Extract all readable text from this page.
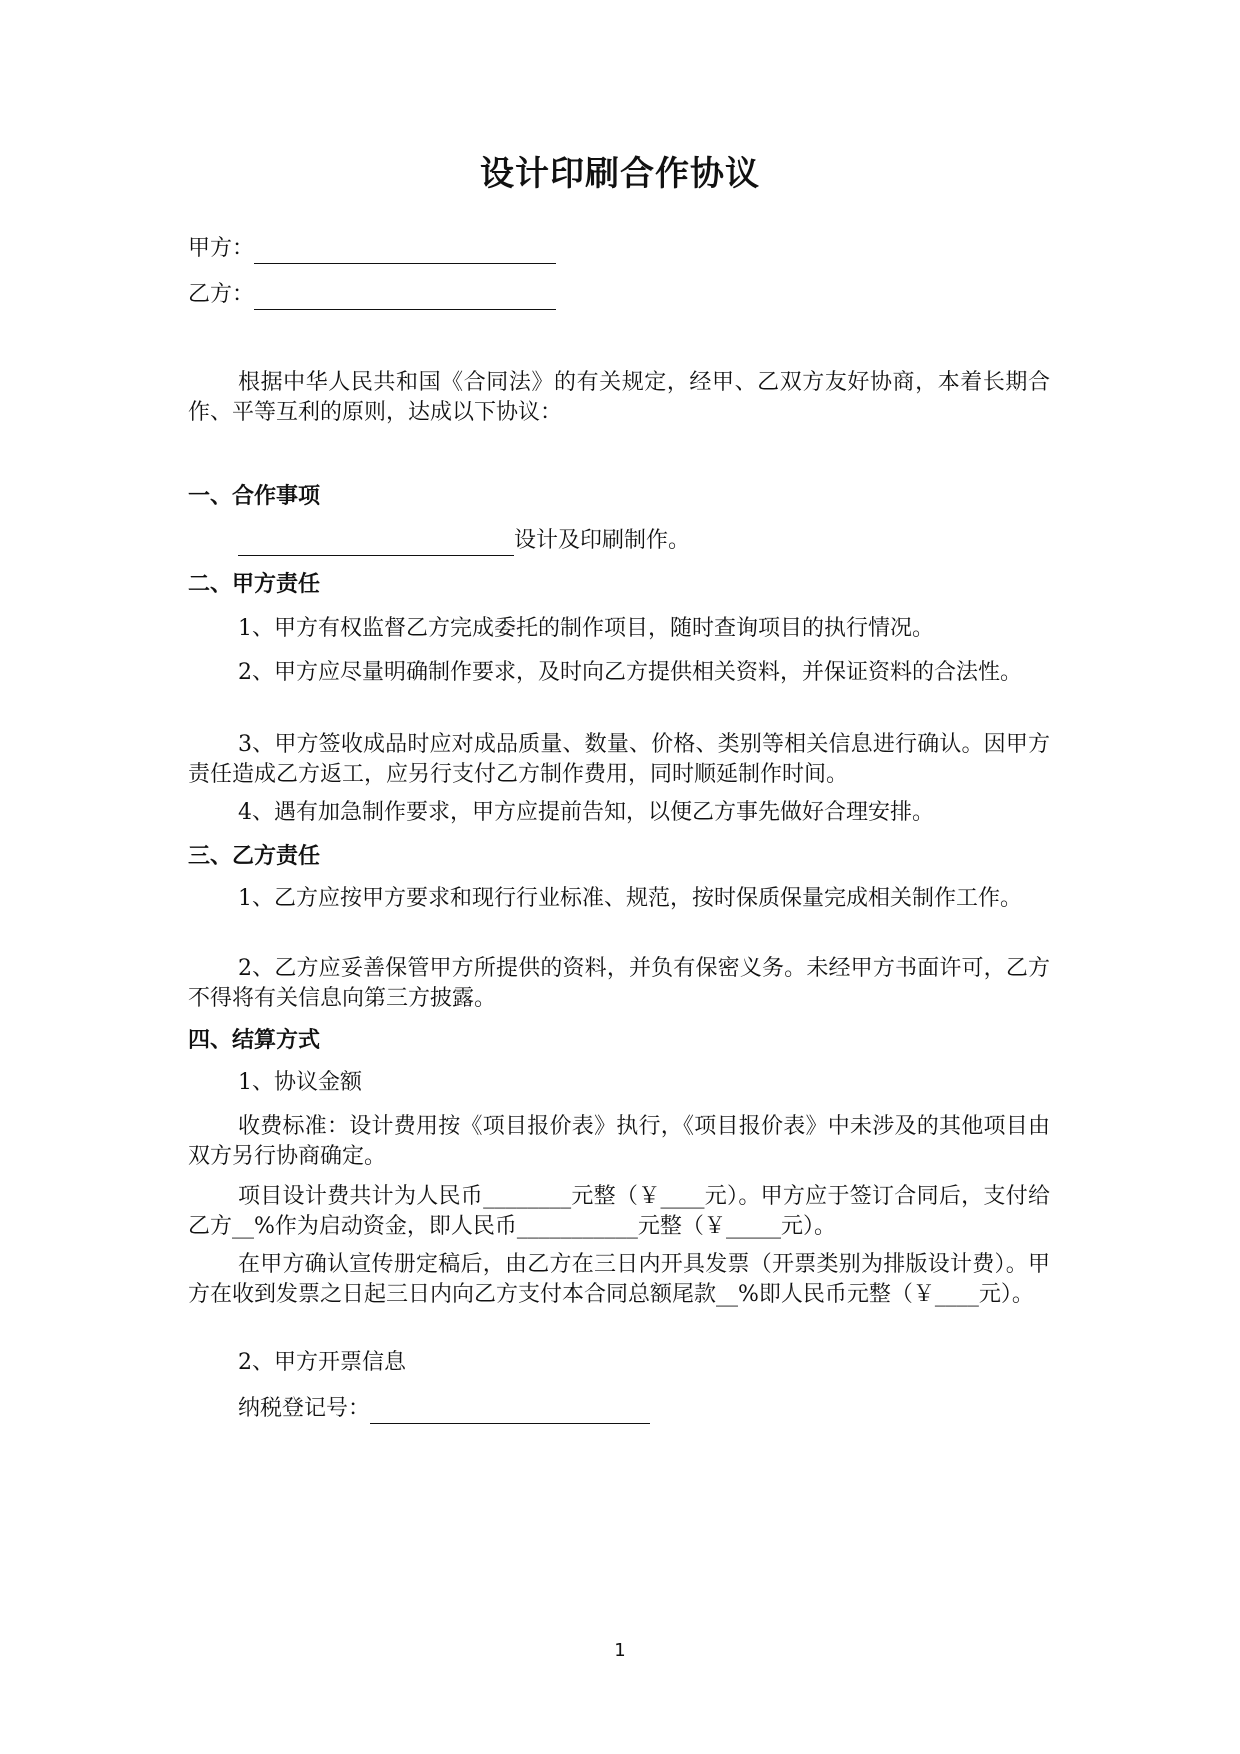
设计印刷合作协议
甲方：
乙方：
根据中华人民共和国《合同法》的有关规定，经甲、乙双方友好协商，本着长期合作、平等互利的原则，达成以下协议：
一、合作事项
设计及印刷制作。
二、甲方责任
1、甲方有权监督乙方完成委托的制作项目，随时查询项目的执行情况。
2、甲方应尽量明确制作要求，及时向乙方提供相关资料，并保证资料的合法性。
3、甲方签收成品时应对成品质量、数量、价格、类别等相关信息进行确认。因甲方责任造成乙方返工，应另行支付乙方制作费用，同时顺延制作时间。
4、遇有加急制作要求，甲方应提前告知，以便乙方事先做好合理安排。
三、乙方责任
1、乙方应按甲方要求和现行行业标准、规范，按时保质保量完成相关制作工作。
2、乙方应妥善保管甲方所提供的资料，并负有保密义务。未经甲方书面许可，乙方不得将有关信息向第三方披露。
四、结算方式
1、协议金额
收费标准：设计费用按《项目报价表》执行，《项目报价表》中未涉及的其他项目由双方另行协商确定。
项目设计费共计为人民币________元整（￥____元）。甲方应于签订合同后，支付给乙方__%作为启动资金，即人民币___________元整（￥_____元）。
在甲方确认宣传册定稿后，由乙方在三日内开具发票（开票类别为排版设计费）。甲方在收到发票之日起三日内向乙方支付本合同总额尾款__%即人民币元整（￥____元）。
2、甲方开票信息
纳税登记号：
1
